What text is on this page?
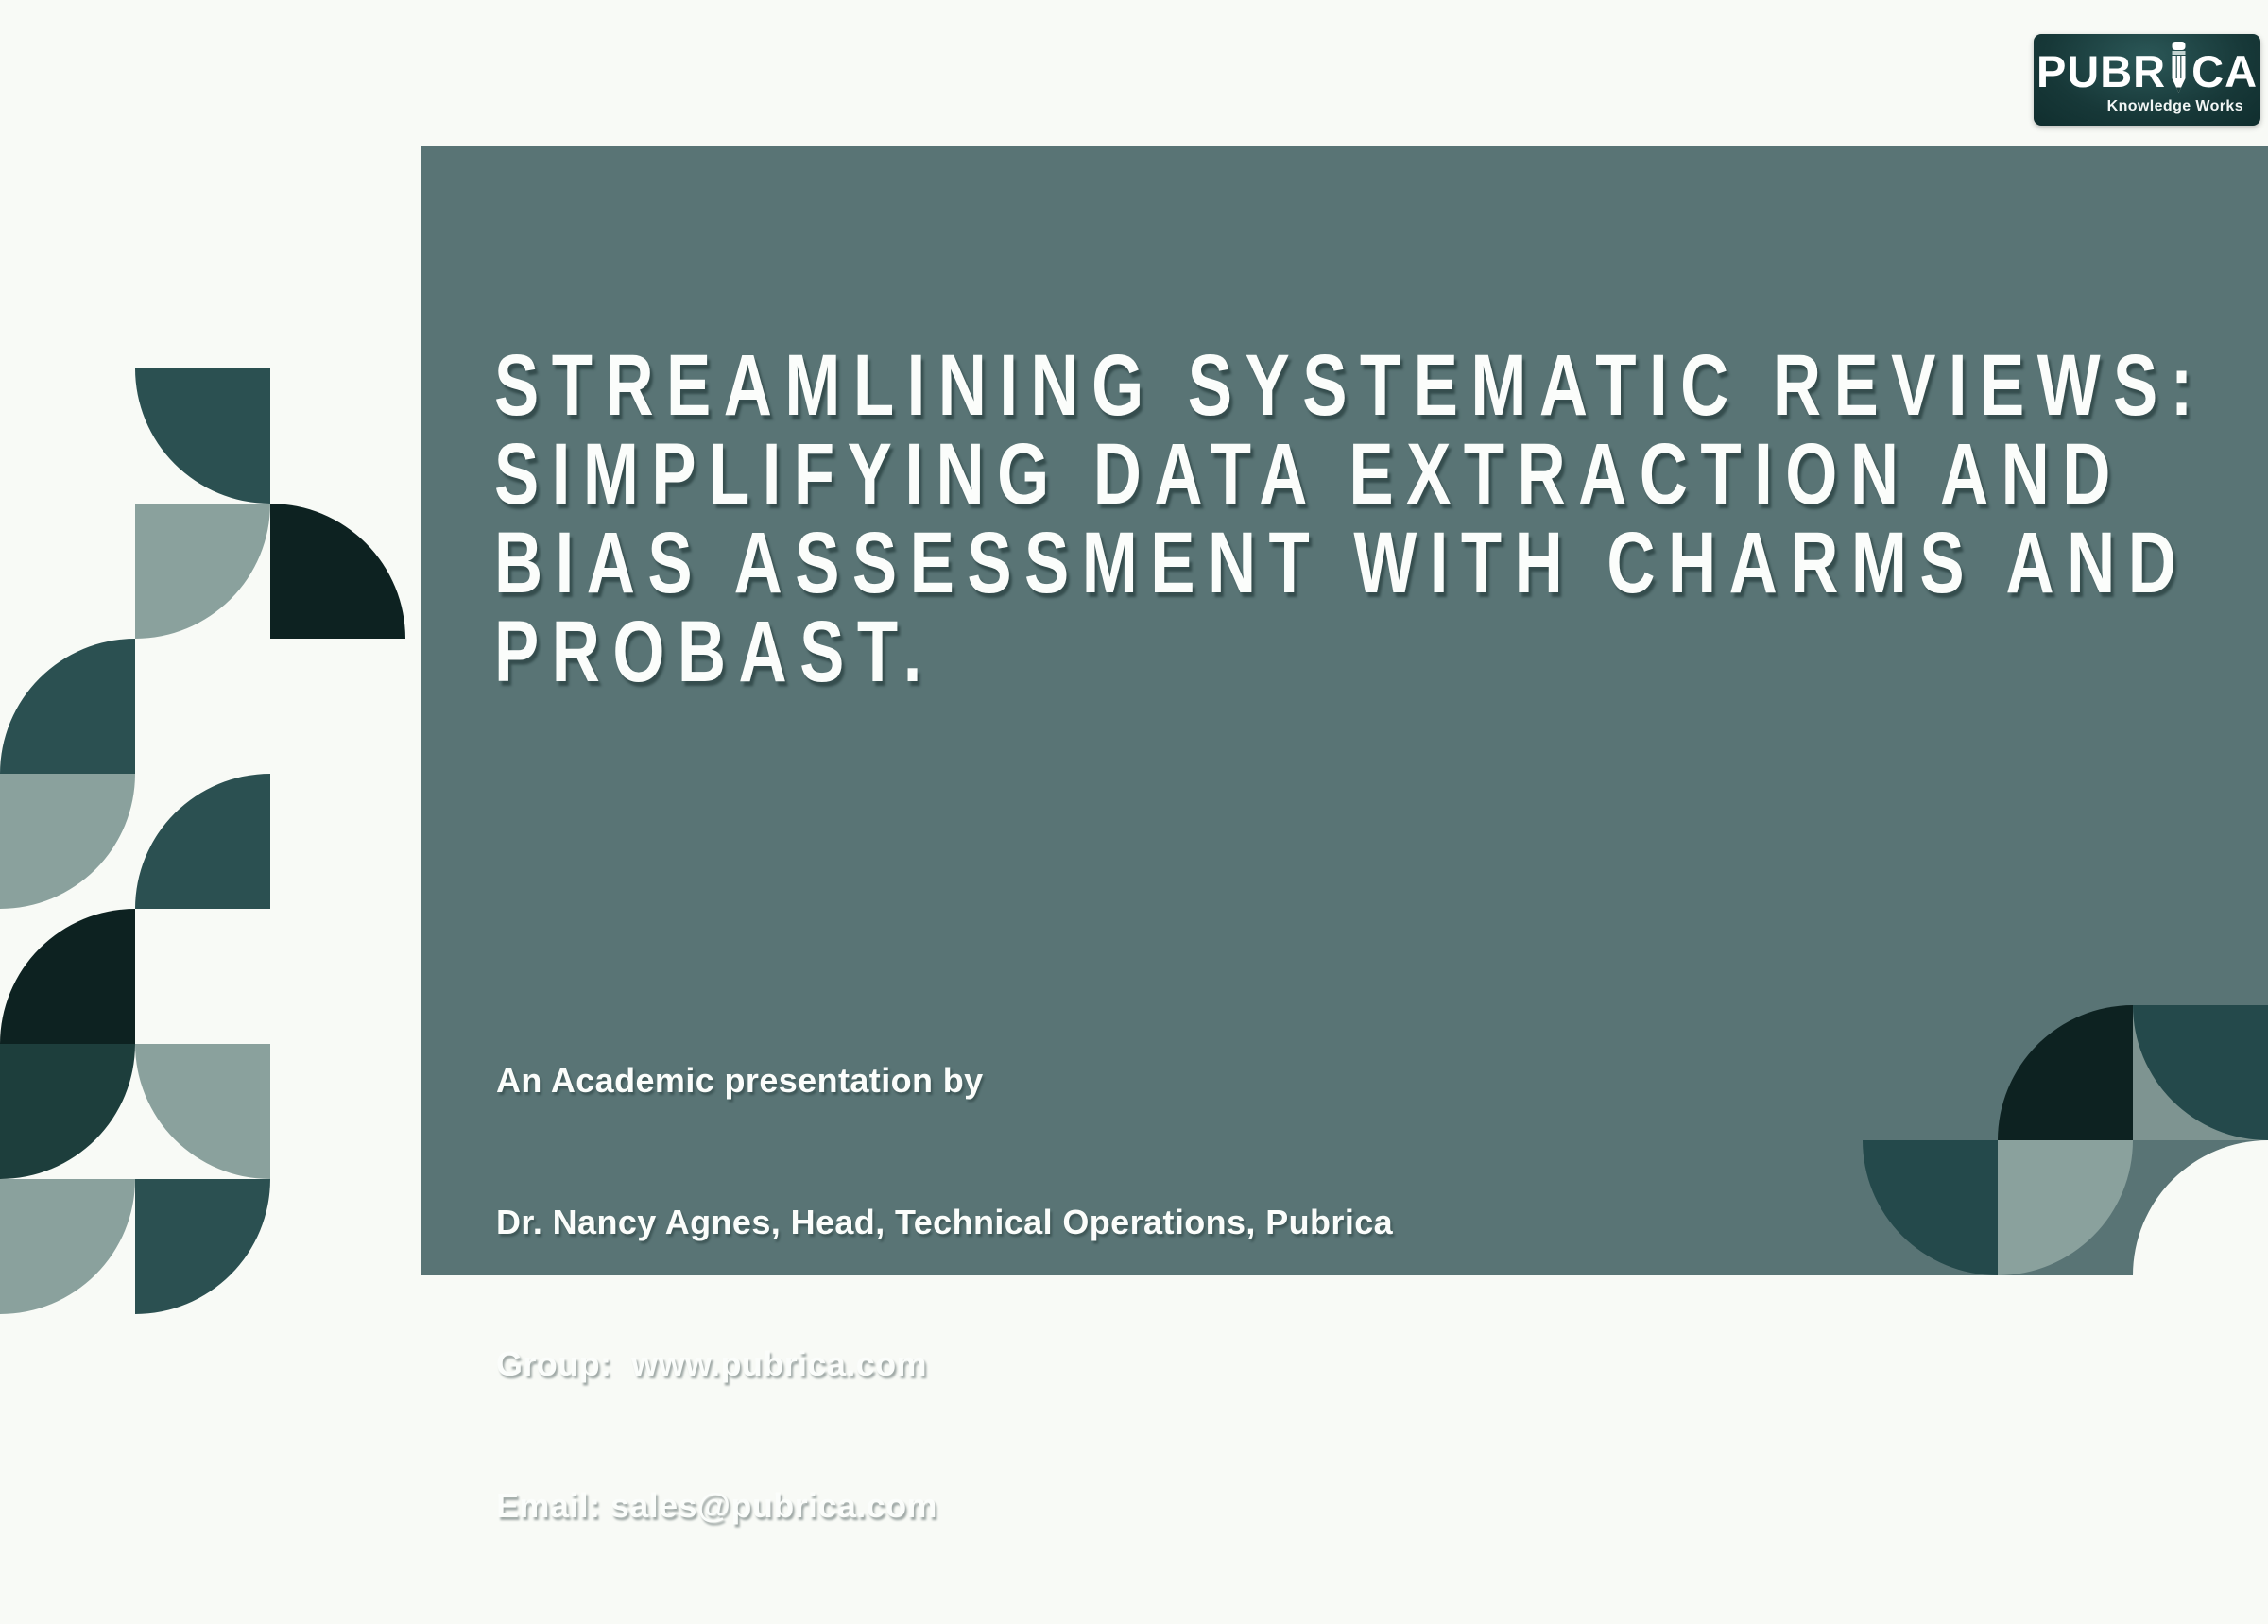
STREAMLINING SYSTEMATIC REVIEWS:
SIMPLIFYING DATA EXTRACTION AND
BIAS ASSESSMENT WITH CHARMS AND
PROBAST.

An Academic presentation by

Dr. Nancy Agnes, Head, Technical Operations, Pubrica

Group:  www.pubrica.com

Email: sales@pubrica.com

PUBR CA
Knowledge Works
